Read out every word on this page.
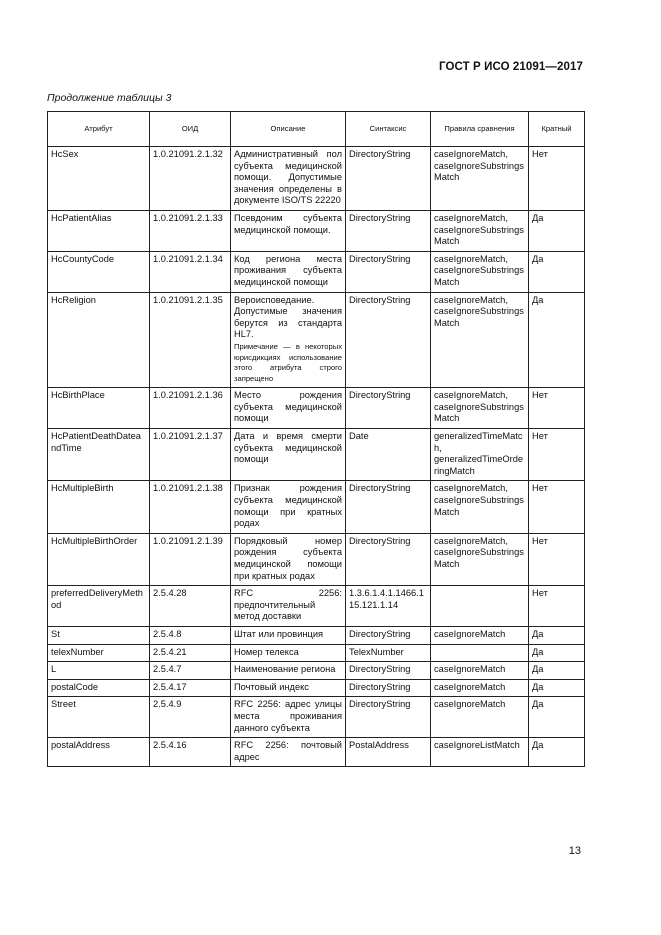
ГОСТ Р ИСО 21091—2017
Продолжение таблицы 3
Атрибут	ОИД	Описание	Синтаксис	Правила сравнения	Кратный
HcSex	1.0.21091.2.1.32	Административный пол субъекта медицинской помощи. Допустимые значения определены в документе ISO/TS 22220	DirectoryString	caseIgnoreMatch, caseIgnoreSubstringsMatch	Нет
HcPatientAlias	1.0.21091.2.1.33	Псевдоним субъекта медицинской помощи.	DirectoryString	caseIgnoreMatch, caseIgnoreSubstringsMatch	Да
HcCountyCode	1.0.21091.2.1.34	Код региона места проживания субъекта медицинской помощи	DirectoryString	caseIgnoreMatch, caseIgnoreSubstringsMatch	Да
HcReligion	1.0.21091.2.1.35	Вероисповедание. Допустимые значения берутся из стандарта HL7.
Примечание — в некоторых юрисдикциях использование этого атрибута строго запрещено	DirectoryString	caseIgnoreMatch, caseIgnoreSubstringsMatch	Да
HcBirthPlace	1.0.21091.2.1.36	Место рождения субъекта медицинской помощи	DirectoryString	caseIgnoreMatch, caseIgnoreSubstringsMatch	Нет
HcPatientDeathDateandTime	1.0.21091.2.1.37	Дата и время смерти субъекта медицинской помощи	Date	generalizedTimeMatch, generalizedTimeOrderingMatch	Нет
HcMultipleBirth	1.0.21091.2.1.38	Признак рождения субъекта медицинской помощи при кратных родах	DirectoryString	caseIgnoreMatch, caseIgnoreSubstringsMatch	Нет
HcMultipleBirthOrder	1.0.21091.2.1.39	Порядковый номер рождения субъекта медицинской помощи при кратных родах	DirectoryString	caseIgnoreMatch, caseIgnoreSubstringsMatch	Нет
preferredDeliveryMethod	2.5.4.28	RFC 2256: предпочтительный метод доставки	1.3.6.1.4.1.1466.115.121.1.14		Нет
St	2.5.4.8	Штат или провинция	DirectoryString	caseIgnoreMatch	Да
telexNumber	2.5.4.21	Номер телекса	TelexNumber		Да
L	2.5.4.7	Наименование региона	DirectoryString	caseIgnoreMatch	Да
postalCode	2.5.4.17	Почтовый индекс	DirectoryString	caseIgnoreMatch	Да
Street	2.5.4.9	RFC 2256: адрес улицы места проживания данного субъекта	DirectoryString	caseIgnoreMatch	Да
postalAddress	2.5.4.16	RFC 2256: почтовый адрес	PostalAddress	caseIgnoreListMatch	Да
13
